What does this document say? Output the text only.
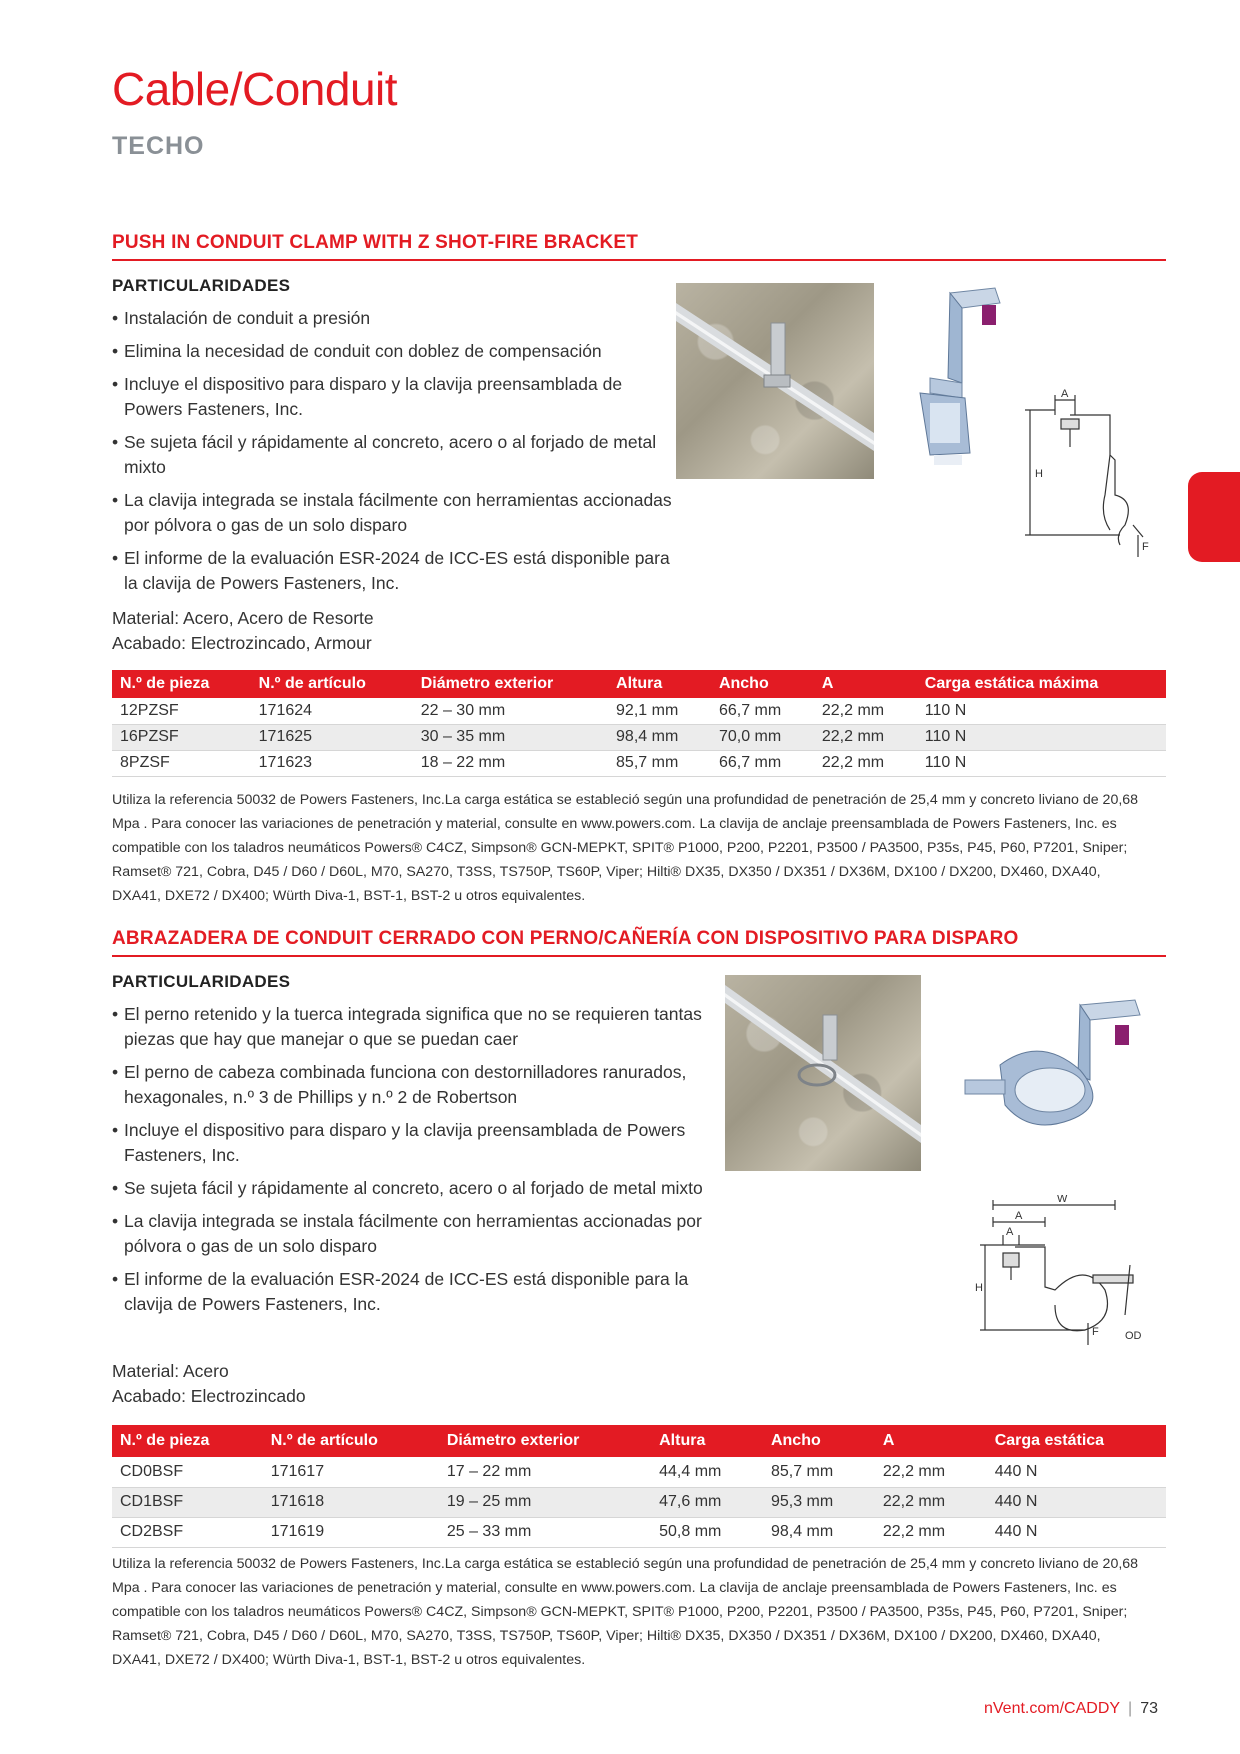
Cable/Conduit
TECHO
PUSH IN CONDUIT CLAMP WITH Z SHOT-FIRE BRACKET
PARTICULARIDADES
• Instalación de conduit a presión
• Elimina la necesidad de conduit con doblez de compensación
• Incluye el dispositivo para disparo y la clavija preensamblada de Powers Fasteners, Inc.
• Se sujeta fácil y rápidamente al concreto, acero o al forjado de metal mixto
• La clavija integrada se instala fácilmente con herramientas accionadas por pólvora o gas de un solo disparo
• El informe de la evaluación ESR-2024 de ICC-ES está disponible para la clavija de Powers Fasteners, Inc.
Material: Acero, Acero de Resorte
Acabado: Electrozincado, Armour
A
H
F
N.º de pieza	N.º de artículo	Diámetro exterior	Altura	Ancho	A	Carga estática máxima
12PZSF	171624	22 – 30 mm	92,1 mm	66,7 mm	22,2 mm	110 N
16PZSF	171625	30 – 35 mm	98,4 mm	70,0 mm	22,2 mm	110 N
8PZSF	171623	18 – 22 mm	85,7 mm	66,7 mm	22,2 mm	110 N
Utiliza la referencia 50032 de Powers Fasteners, Inc.La carga estática se estableció según una profundidad de penetración de 25,4 mm y concreto liviano de 20,68 Mpa . Para conocer las variaciones de penetración y material, consulte en www.powers.com. La clavija de anclaje preensamblada de Powers Fasteners, Inc. es compatible con los taladros neumáticos Powers® C4CZ, Simpson® GCN-MEPKT, SPIT® P1000, P200, P2201, P3500 / PA3500, P35s, P45, P60, P7201, Sniper; Ramset® 721, Cobra, D45 / D60 / D60L, M70, SA270, T3SS, TS750P, TS60P, Viper; Hilti® DX35, DX350 / DX351 / DX36M, DX100 / DX200, DX460, DXA40, DXA41, DXE72 / DX400; Würth Diva-1, BST-1, BST-2 u otros equivalentes.
ABRAZADERA DE CONDUIT CERRADO CON PERNO/CAÑERÍA CON DISPOSITIVO PARA DISPARO
PARTICULARIDADES
• El perno retenido y la tuerca integrada significa que no se requieren tantas piezas que hay que manejar o que se puedan caer
• El perno de cabeza combinada funciona con destornilladores ranurados, hexagonales, n.º 3 de Phillips y n.º 2 de Robertson
• Incluye el dispositivo para disparo y la clavija preensamblada de Powers Fasteners, Inc.
• Se sujeta fácil y rápidamente al concreto, acero o al forjado de metal mixto
• La clavija integrada se instala fácilmente con herramientas accionadas por pólvora o gas de un solo disparo
• El informe de la evaluación ESR-2024 de ICC-ES está disponible para la clavija de Powers Fasteners, Inc.
Material: Acero
Acabado: Electrozincado
W
A
A
H
F OD
N.º de pieza	N.º de artículo	Diámetro exterior	Altura	Ancho	A	Carga estática
CD0BSF	171617	17 – 22 mm	44,4 mm	85,7 mm	22,2 mm	440 N
CD1BSF	171618	19 – 25 mm	47,6 mm	95,3 mm	22,2 mm	440 N
CD2BSF	171619	25 – 33 mm	50,8 mm	98,4 mm	22,2 mm	440 N
Utiliza la referencia 50032 de Powers Fasteners, Inc.La carga estática se estableció según una profundidad de penetración de 25,4 mm y concreto liviano de 20,68 Mpa . Para conocer las variaciones de penetración y material, consulte en www.powers.com. La clavija de anclaje preensamblada de Powers Fasteners, Inc. es compatible con los taladros neumáticos Powers® C4CZ, Simpson® GCN-MEPKT, SPIT® P1000, P200, P2201, P3500 / PA3500, P35s, P45, P60, P7201, Sniper; Ramset® 721, Cobra, D45 / D60 / D60L, M70, SA270, T3SS, TS750P, TS60P, Viper; Hilti® DX35, DX350 / DX351 / DX36M, DX100 / DX200, DX460, DXA40, DXA41, DXE72 / DX400; Würth Diva-1, BST-1, BST-2 u otros equivalentes.
nVent.com/CADDY | 73
